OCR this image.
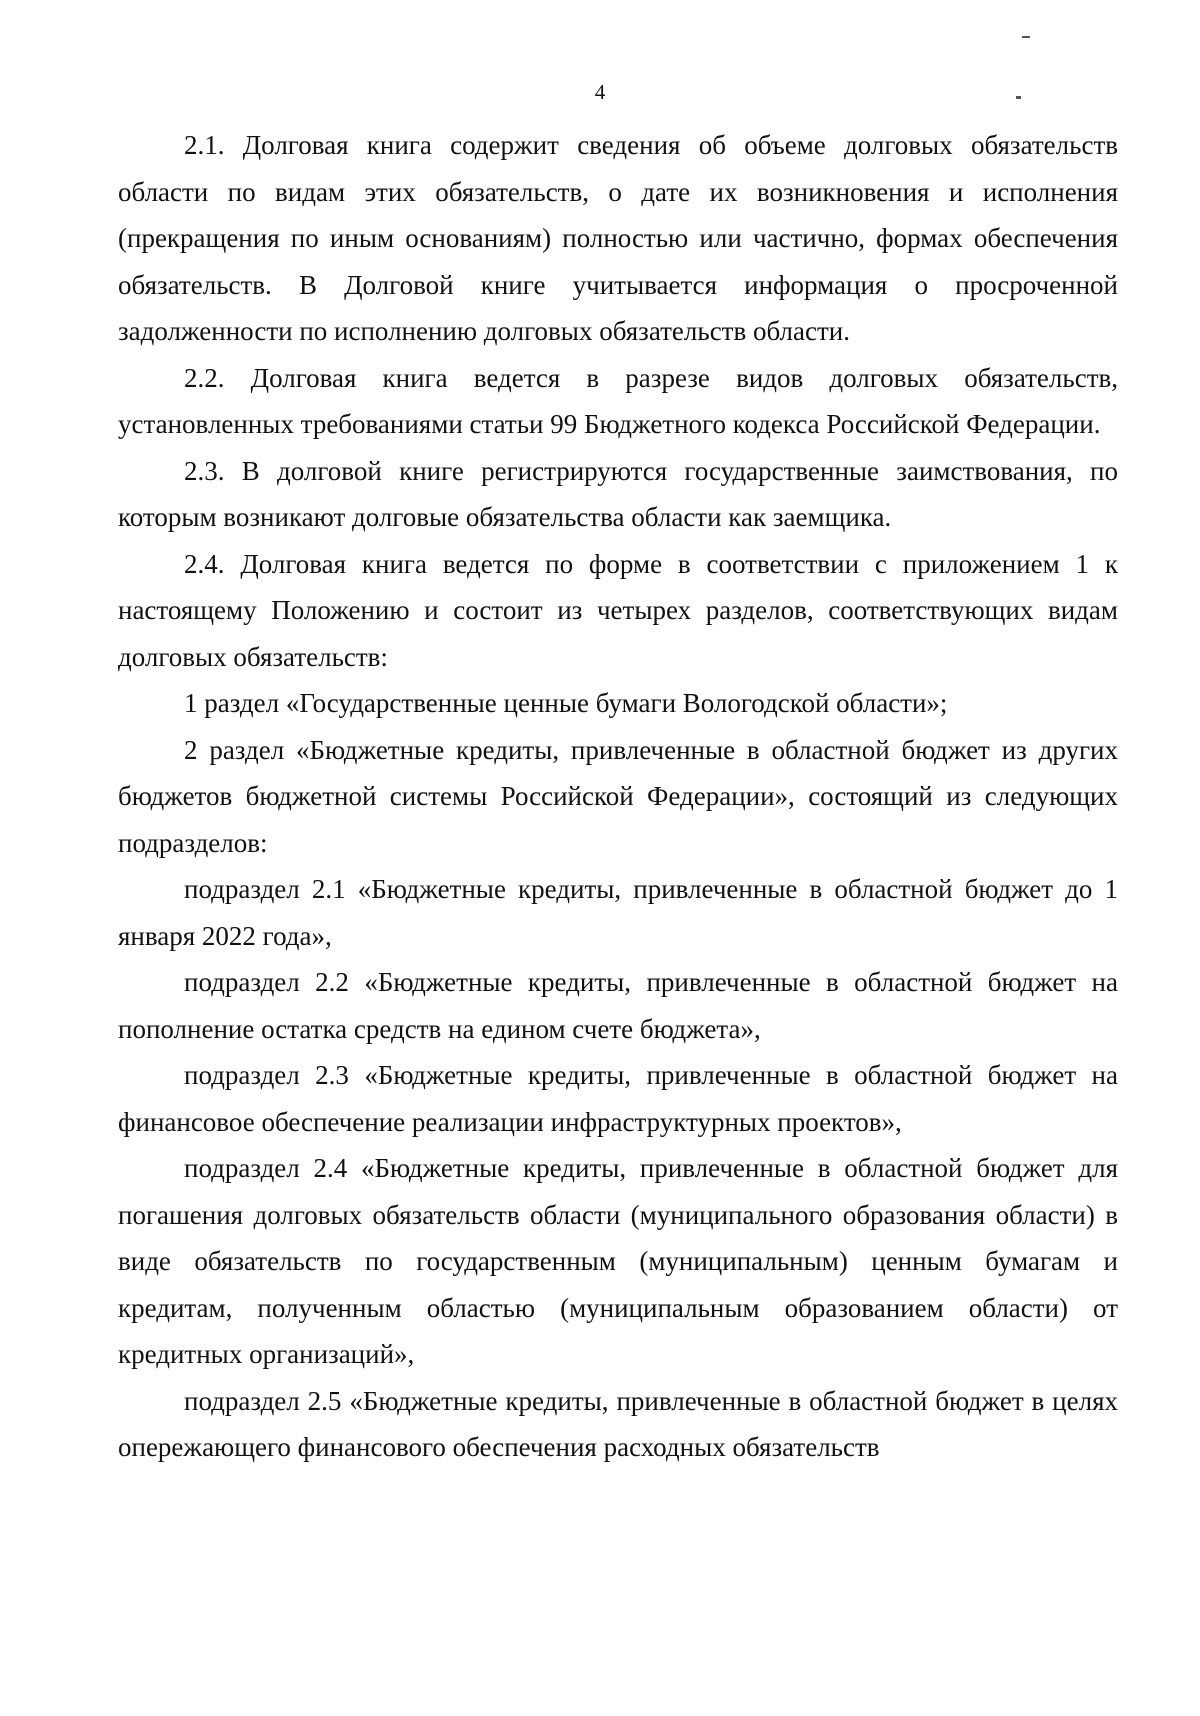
4

2.1. Долговая книга содержит сведения об объеме долговых обязательств области по видам этих обязательств, о дате их возникновения и исполнения (прекращения по иным основаниям) полностью или частично, формах обеспечения обязательств. В Долговой книге учитывается информация о просроченной задолженности по исполнению долговых обязательств области.

2.2. Долговая книга ведется в разрезе видов долговых обязательств, установленных требованиями статьи 99 Бюджетного кодекса Российской Федерации.

2.3. В долговой книге регистрируются государственные заимствования, по которым возникают долговые обязательства области как заемщика.

2.4. Долговая книга ведется по форме в соответствии с приложением 1 к настоящему Положению и состоит из четырех разделов, соответствующих видам долговых обязательств:

1 раздел «Государственные ценные бумаги Вологодской области»;

2 раздел «Бюджетные кредиты, привлеченные в областной бюджет из других бюджетов бюджетной системы Российской Федерации», состоящий из следующих подразделов:

подраздел 2.1 «Бюджетные кредиты, привлеченные в областной бюджет до 1 января 2022 года»,

подраздел 2.2 «Бюджетные кредиты, привлеченные в областной бюджет на пополнение остатка средств на едином счете бюджета»,

подраздел 2.3 «Бюджетные кредиты, привлеченные в областной бюджет на финансовое обеспечение реализации инфраструктурных проектов»,

подраздел 2.4 «Бюджетные кредиты, привлеченные в областной бюджет для погашения долговых обязательств области (муниципального образования области) в виде обязательств по государственным (муниципальным) ценным бумагам и кредитам, полученным областью (муниципальным образованием области) от кредитных организаций»,

подраздел 2.5 «Бюджетные кредиты, привлеченные в областной бюджет в целях опережающего финансового обеспечения расходных обязательств
